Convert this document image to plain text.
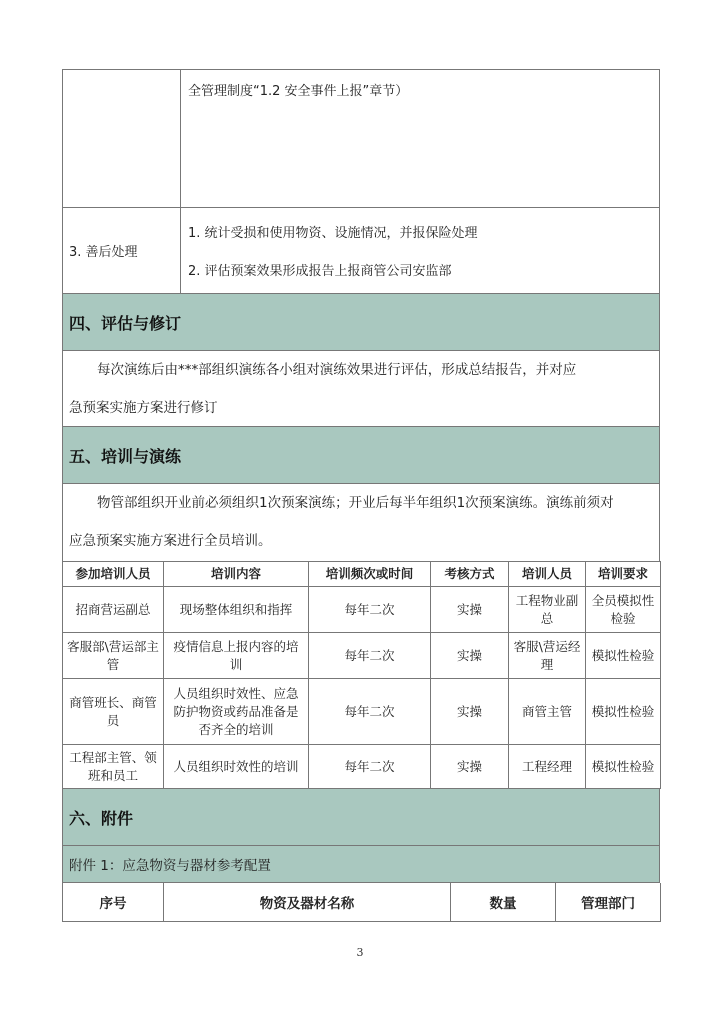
全管理制度“1.2 安全事件上报”章节）
3. 善后处理
1. 统计受损和使用物资、设施情况，并报保险处理
2. 评估预案效果形成报告上报商管公司安监部
四、评估与修订
每次演练后由***部组织演练各小组对演练效果进行评估，形成总结报告，并对应
急预案实施方案进行修订
五、培训与演练
物管部组织开业前必须组织1次预案演练；开业后每半年组织1次预案演练。演练前须对
应急预案实施方案进行全员培训。
参加培训人员	培训内容	培训频次或时间	考核方式	培训人员	培训要求
招商营运副总	现场整体组织和指挥	每年二次	实操	工程物业副总	全员模拟性检验
客服部\营运部主管	疫情信息上报内容的培训	每年二次	实操	客服\营运经理	模拟性检验
商管班长、商管员	人员组织时效性、应急防护物资或药品准备是否齐全的培训	每年二次	实操	商管主管	模拟性检验
工程部主管、领班和员工	人员组织时效性的培训	每年二次	实操	工程经理	模拟性检验
六、附件
附件 1：应急物资与器材参考配置
序号	物资及器材名称	数量	管理部门
3
